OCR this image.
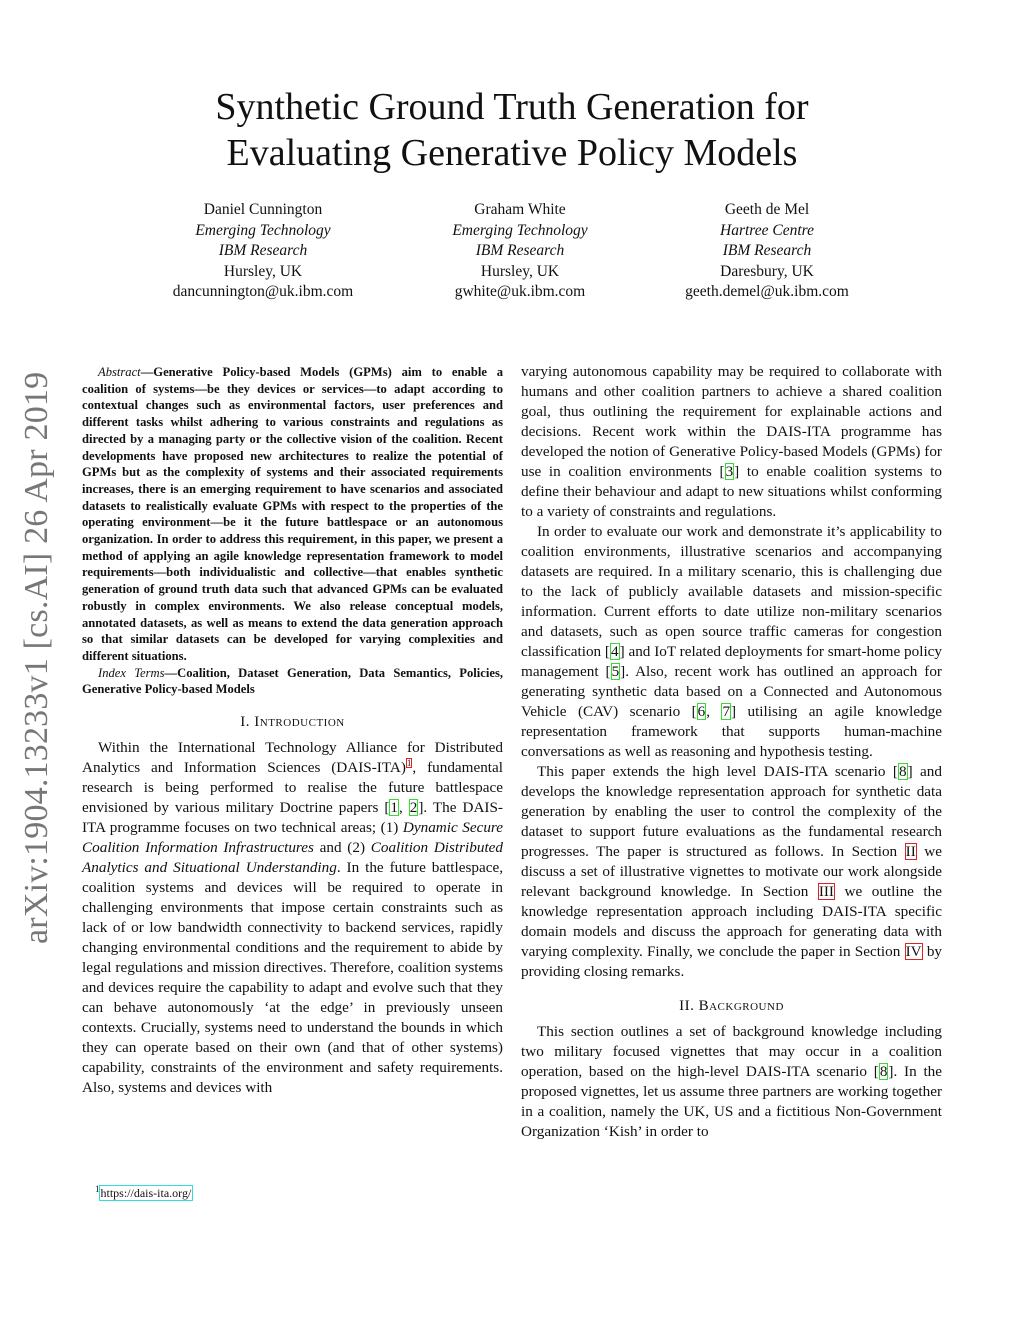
Synthetic Ground Truth Generation for
Evaluating Generative Policy Models
Daniel Cunnington
Emerging Technology
IBM Research
Hursley, UK
dancunnington@uk.ibm.com
Graham White
Emerging Technology
IBM Research
Hursley, UK
gwhite@uk.ibm.com
Geeth de Mel
Hartree Centre
IBM Research
Daresbury, UK
geeth.demel@uk.ibm.com
arXiv:1904.13233v1 [cs.AI] 26 Apr 2019	Abstract—Generative Policy-based Models (GPMs) aim to enable a coalition of systems—be they devices or services—to adapt according to contextual changes such as environmental factors, user preferences and different tasks whilst adhering to various constraints and regulations as directed by a managing party or the collective vision of the coalition. Recent developments have proposed new architectures to realize the potential of GPMs but as the complexity of systems and their associated requirements increases, there is an emerging requirement to have scenarios and associated datasets to realistically evaluate GPMs with respect to the properties of the operating environment—be it the future battlespace or an autonomous organization. In order to address this requirement, in this paper, we present a method of applying an agile knowledge representation framework to model requirements—both individualistic and collective—that enables synthetic generation of ground truth data such that advanced GPMs can be evaluated robustly in complex environments. We also release conceptual models, annotated datasets, as well as means to extend the data generation approach so that similar datasets can be developed for varying complexities and different situations.

Index Terms—Coalition, Dataset Generation, Data Semantics, Policies, Generative Policy-based Models

I. Introduction

Within the International Technology Alliance for Distributed Analytics and Information Sciences (DAIS-ITA)$^1$, fundamental research is being performed to realise the future battlespace envisioned by various military Doctrine papers [1, 2]. The DAIS-ITA programme focuses on two technical areas; (1) Dynamic Secure Coalition Information Infrastructures and (2) Coalition Distributed Analytics and Situational Understanding. In the future battlespace, coalition systems and devices will be required to operate in challenging environments that impose certain constraints such as lack of or low bandwidth connectivity to backend services, rapidly changing environmental conditions and the requirement to abide by legal regulations and mission directives. Therefore, coalition systems and devices require the capability to adapt and evolve such that they can behave autonomously ‘at the edge’ in previously unseen contexts. Crucially, systems need to understand the bounds in which they can operate based on their own (and that of other systems) capability, constraints of the environment and safety requirements. Also, systems and devices with

$^1$https://dais-ita.org/

varying autonomous capability may be required to collaborate with humans and other coalition partners to achieve a shared coalition goal, thus outlining the requirement for explainable actions and decisions. Recent work within the DAIS-ITA programme has developed the notion of Generative Policy-based Models (GPMs) for use in coalition environments [3] to enable coalition systems to define their behaviour and adapt to new situations whilst conforming to a variety of constraints and regulations.

In order to evaluate our work and demonstrate it’s applicability to coalition environments, illustrative scenarios and accompanying datasets are required. In a military scenario, this is challenging due to the lack of publicly available datasets and mission-specific information. Current efforts to date utilize non-military scenarios and datasets, such as open source traffic cameras for congestion classification [4] and IoT related deployments for smart-home policy management [5]. Also, recent work has outlined an approach for generating synthetic data based on a Connected and Autonomous Vehicle (CAV) scenario [6, 7] utilising an agile knowledge representation framework that supports human-machine conversations as well as reasoning and hypothesis testing.

This paper extends the high level DAIS-ITA scenario [8] and develops the knowledge representation approach for synthetic data generation by enabling the user to control the complexity of the dataset to support future evaluations as the fundamental research progresses. The paper is structured as follows. In Section II we discuss a set of illustrative vignettes to motivate our work alongside relevant background knowledge. In Section III we outline the knowledge representation approach including DAIS-ITA specific domain models and discuss the approach for generating data with varying complexity. Finally, we conclude the paper in Section IV by providing closing remarks.

II. Background

This section outlines a set of background knowledge including two military focused vignettes that may occur in a coalition operation, based on the high-level DAIS-ITA scenario [8]. In the proposed vignettes, let us assume three partners are working together in a coalition, namely the UK, US and a fictitious Non-Government Organization ‘Kish’ in order to
